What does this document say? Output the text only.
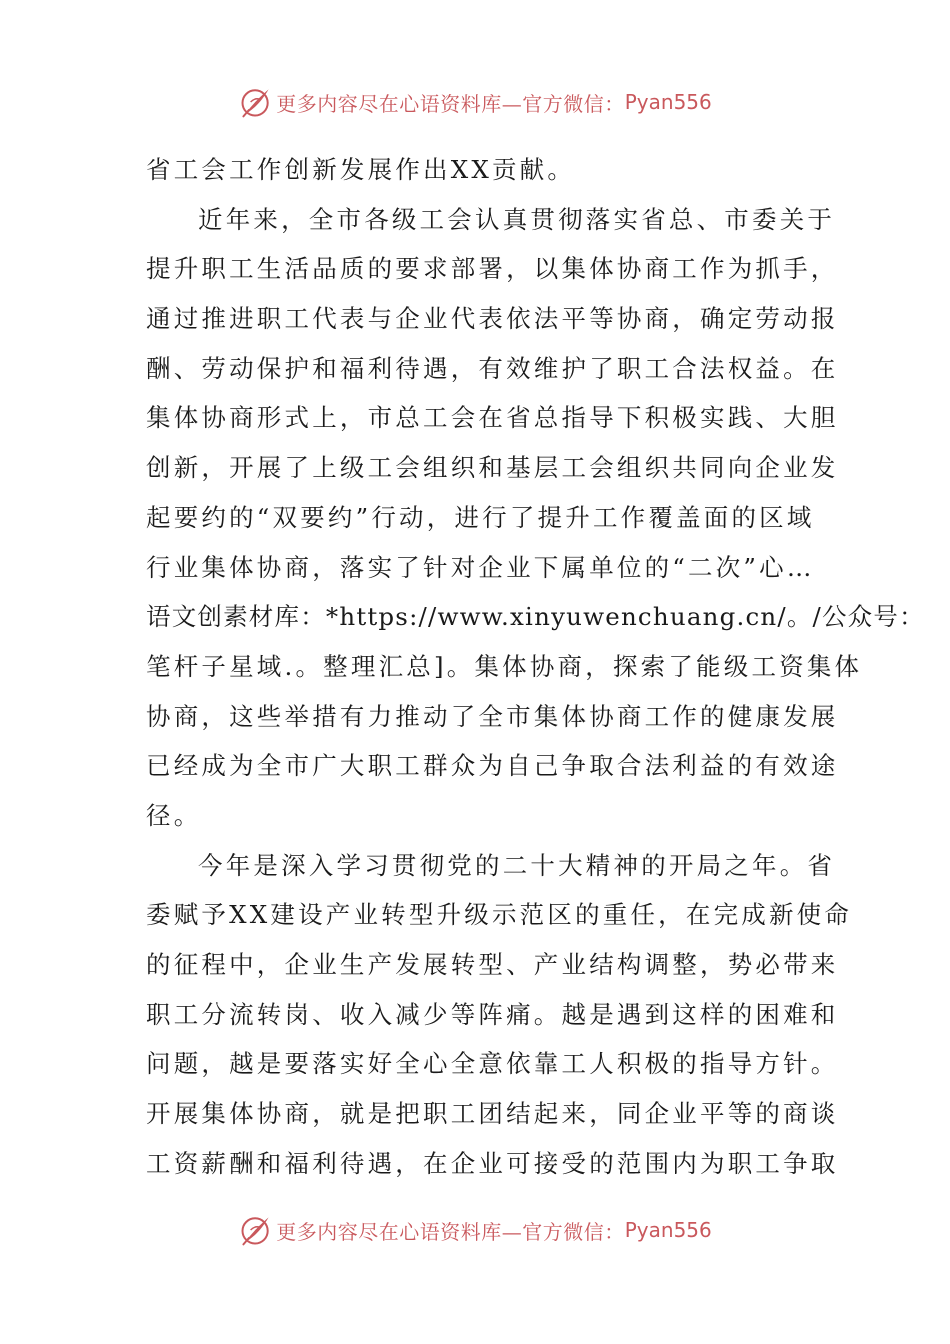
更多内容尽在心语资料库—官方微信： Pyan556
省工会工作创新发展作出XX贡献。
近年来，全市各级工会认真贯彻落实省总、市委关于
提升职工生活品质的要求部署，以集体协商工作为抓手，
通过推进职工代表与企业代表依法平等协商，确定劳动报
酬、劳动保护和福利待遇，有效维护了职工合法权益。在
集体协商形式上，市总工会在省总指导下积极实践、大胆
创新，开展了上级工会组织和基层工会组织共同向企业发
起要约的“双要约”行动，进行了提升工作覆盖面的区域
行业集体协商，落实了针对企业下属单位的“二次”心…
语文创素材库：*https://www.xinyuwenchuang.cn/。/公众号：
笔杆子星域.。整理汇总]。集体协商，探索了能级工资集体
协商，这些举措有力推动了全市集体协商工作的健康发展
已经成为全市广大职工群众为自己争取合法利益的有效途
径。
今年是深入学习贯彻党的二十大精神的开局之年。省
委赋予XX建设产业转型升级示范区的重任，在完成新使命
的征程中，企业生产发展转型、产业结构调整，势必带来
职工分流转岗、收入减少等阵痛。越是遇到这样的困难和
问题，越是要落实好全心全意依靠工人积极的指导方针。
开展集体协商，就是把职工团结起来，同企业平等的商谈
工资薪酬和福利待遇，在企业可接受的范围内为职工争取
更多内容尽在心语资料库—官方微信： Pyan556
